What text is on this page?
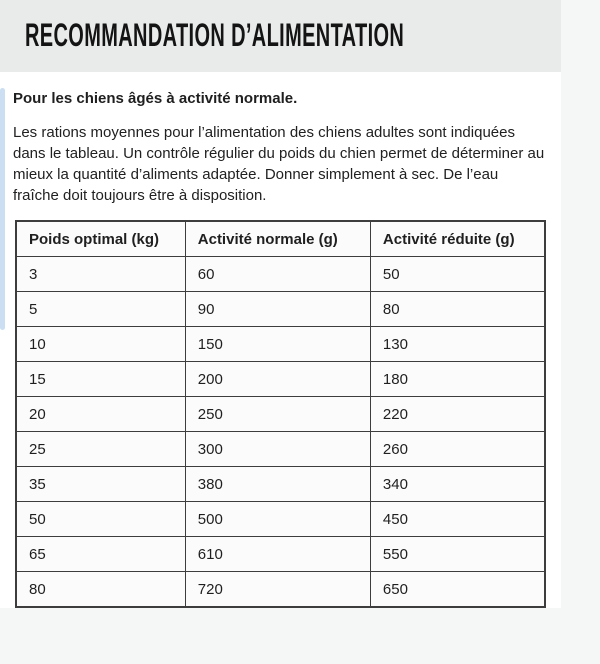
RECOMMANDATION D’ALIMENTATION

Pour les chiens âgés à activité normale.

Les rations moyennes pour l’alimentation des chiens adultes sont indiquées dans le tableau. Un contrôle régulier du poids du chien permet de déterminer au mieux la quantité d’aliments adaptée. Donner simplement à sec. De l’eau fraîche doit toujours être à disposition.

Poids optimal (kg)	Activité normale (g)	Activité réduite (g)
3	60	50
5	90	80
10	150	130
15	200	180
20	250	220
25	300	260
35	380	340
50	500	450
65	610	550
80	720	650
